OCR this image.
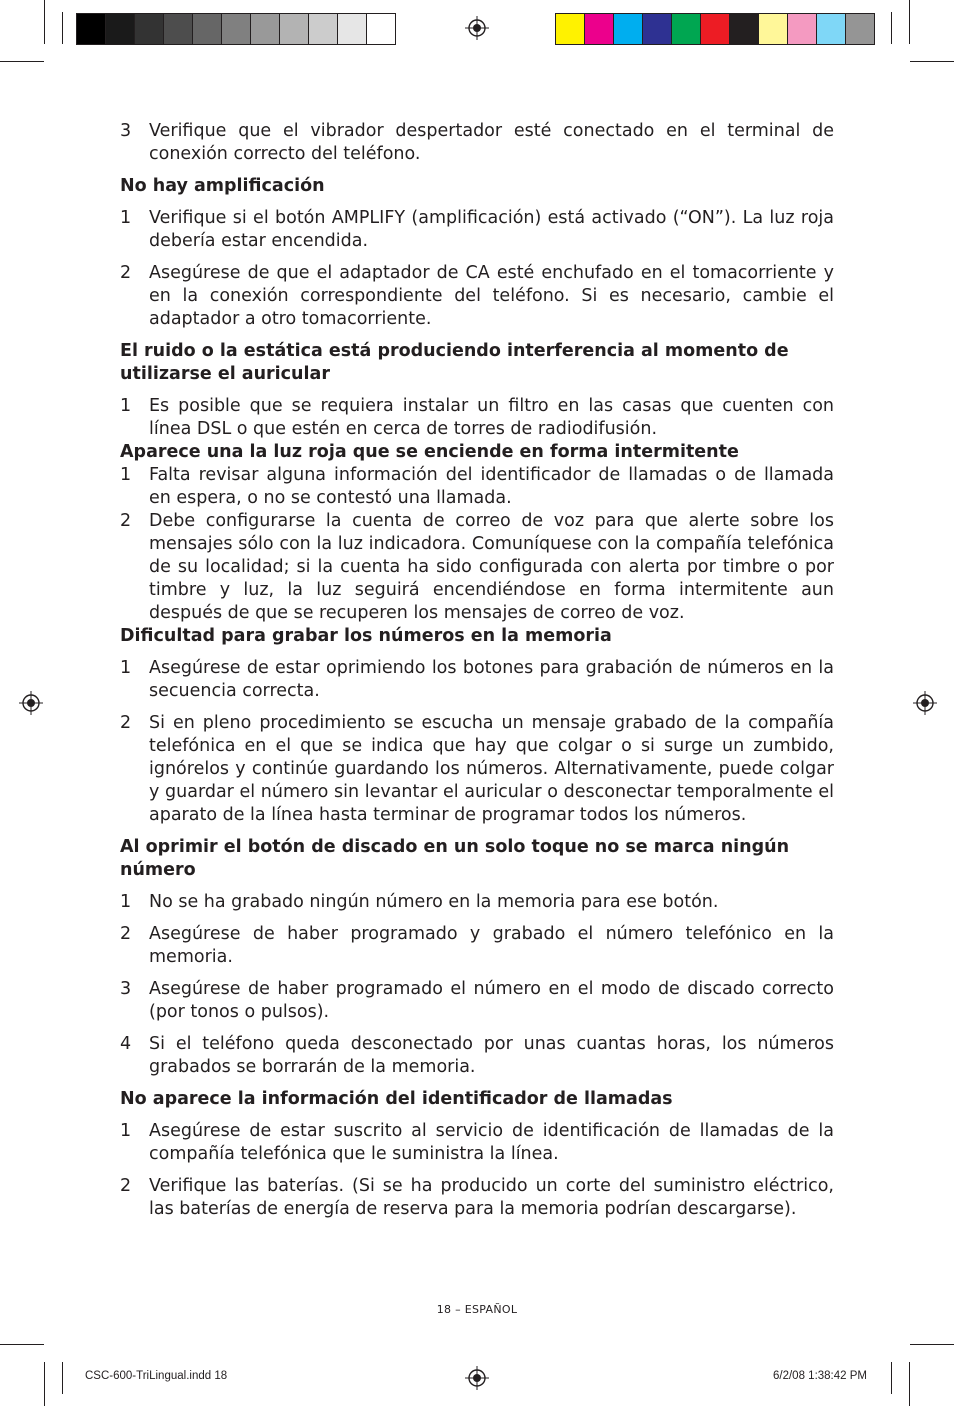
3	Verifique que el vibrador despertador esté conectado en el terminal de conexión correcto del teléfono.
No hay amplificación
1	Verifique si el botón AMPLIFY (amplificación) está activado (“ON”). La luz roja debería estar encendida.
2	Asegúrese de que el adaptador de CA esté enchufado en el tomacorriente y en la conexión correspondiente del teléfono. Si es necesario, cambie el adaptador a otro tomacorriente.
El ruido o la estática está produciendo interferencia al momento de utilizarse el auricular
1	Es posible que se requiera instalar un filtro en las casas que cuenten con línea DSL o que estén en cerca de torres de radiodifusión.
Aparece una la luz roja que se enciende en forma intermitente
1	Falta revisar alguna información del identificador de llamadas o de llamada en espera, o no se contestó una llamada.
2	Debe configurarse la cuenta de correo de voz para que alerte sobre los mensajes sólo con la luz indicadora. Comuníquese con la compañía telefónica de su localidad; si la cuenta ha sido configurada con alerta por timbre o por timbre y luz, la luz seguirá encendiéndose en forma intermitente aun después de que se recuperen los mensajes de correo de voz.
Dificultad para grabar los números en la memoria
1	Asegúrese de estar oprimiendo los botones para grabación de números en la secuencia correcta.
2	Si en pleno procedimiento se escucha un mensaje grabado de la compañía telefónica en el que se indica que hay que colgar o si surge un zumbido, ignórelos y continúe guardando los números. Alternativamente, puede colgar y guardar el número sin levantar el auricular o desconectar temporalmente el aparato de la línea hasta terminar de programar todos los números.
Al oprimir el botón de discado en un solo toque no se marca ningún número
1	No se ha grabado ningún número en la memoria para ese botón.
2	Asegúrese de haber programado y grabado el número telefónico en la memoria.
3	Asegúrese de haber programado el número en el modo de discado correcto (por tonos o pulsos).
4	Si el teléfono queda desconectado por unas cuantas horas, los números grabados se borrarán de la memoria.
No aparece la información del identificador de llamadas
1	Asegúrese de estar suscrito al servicio de identificación de llamadas de la compañía telefónica que le suministra la línea.
2	Verifique las baterías. (Si se ha producido un corte del suministro eléctrico, las baterías de energía de reserva para la memoria podrían descargarse).
18 – ESPAÑOL
CSC-600-TriLingual.indd 18	6/2/08 1:38:42 PM
